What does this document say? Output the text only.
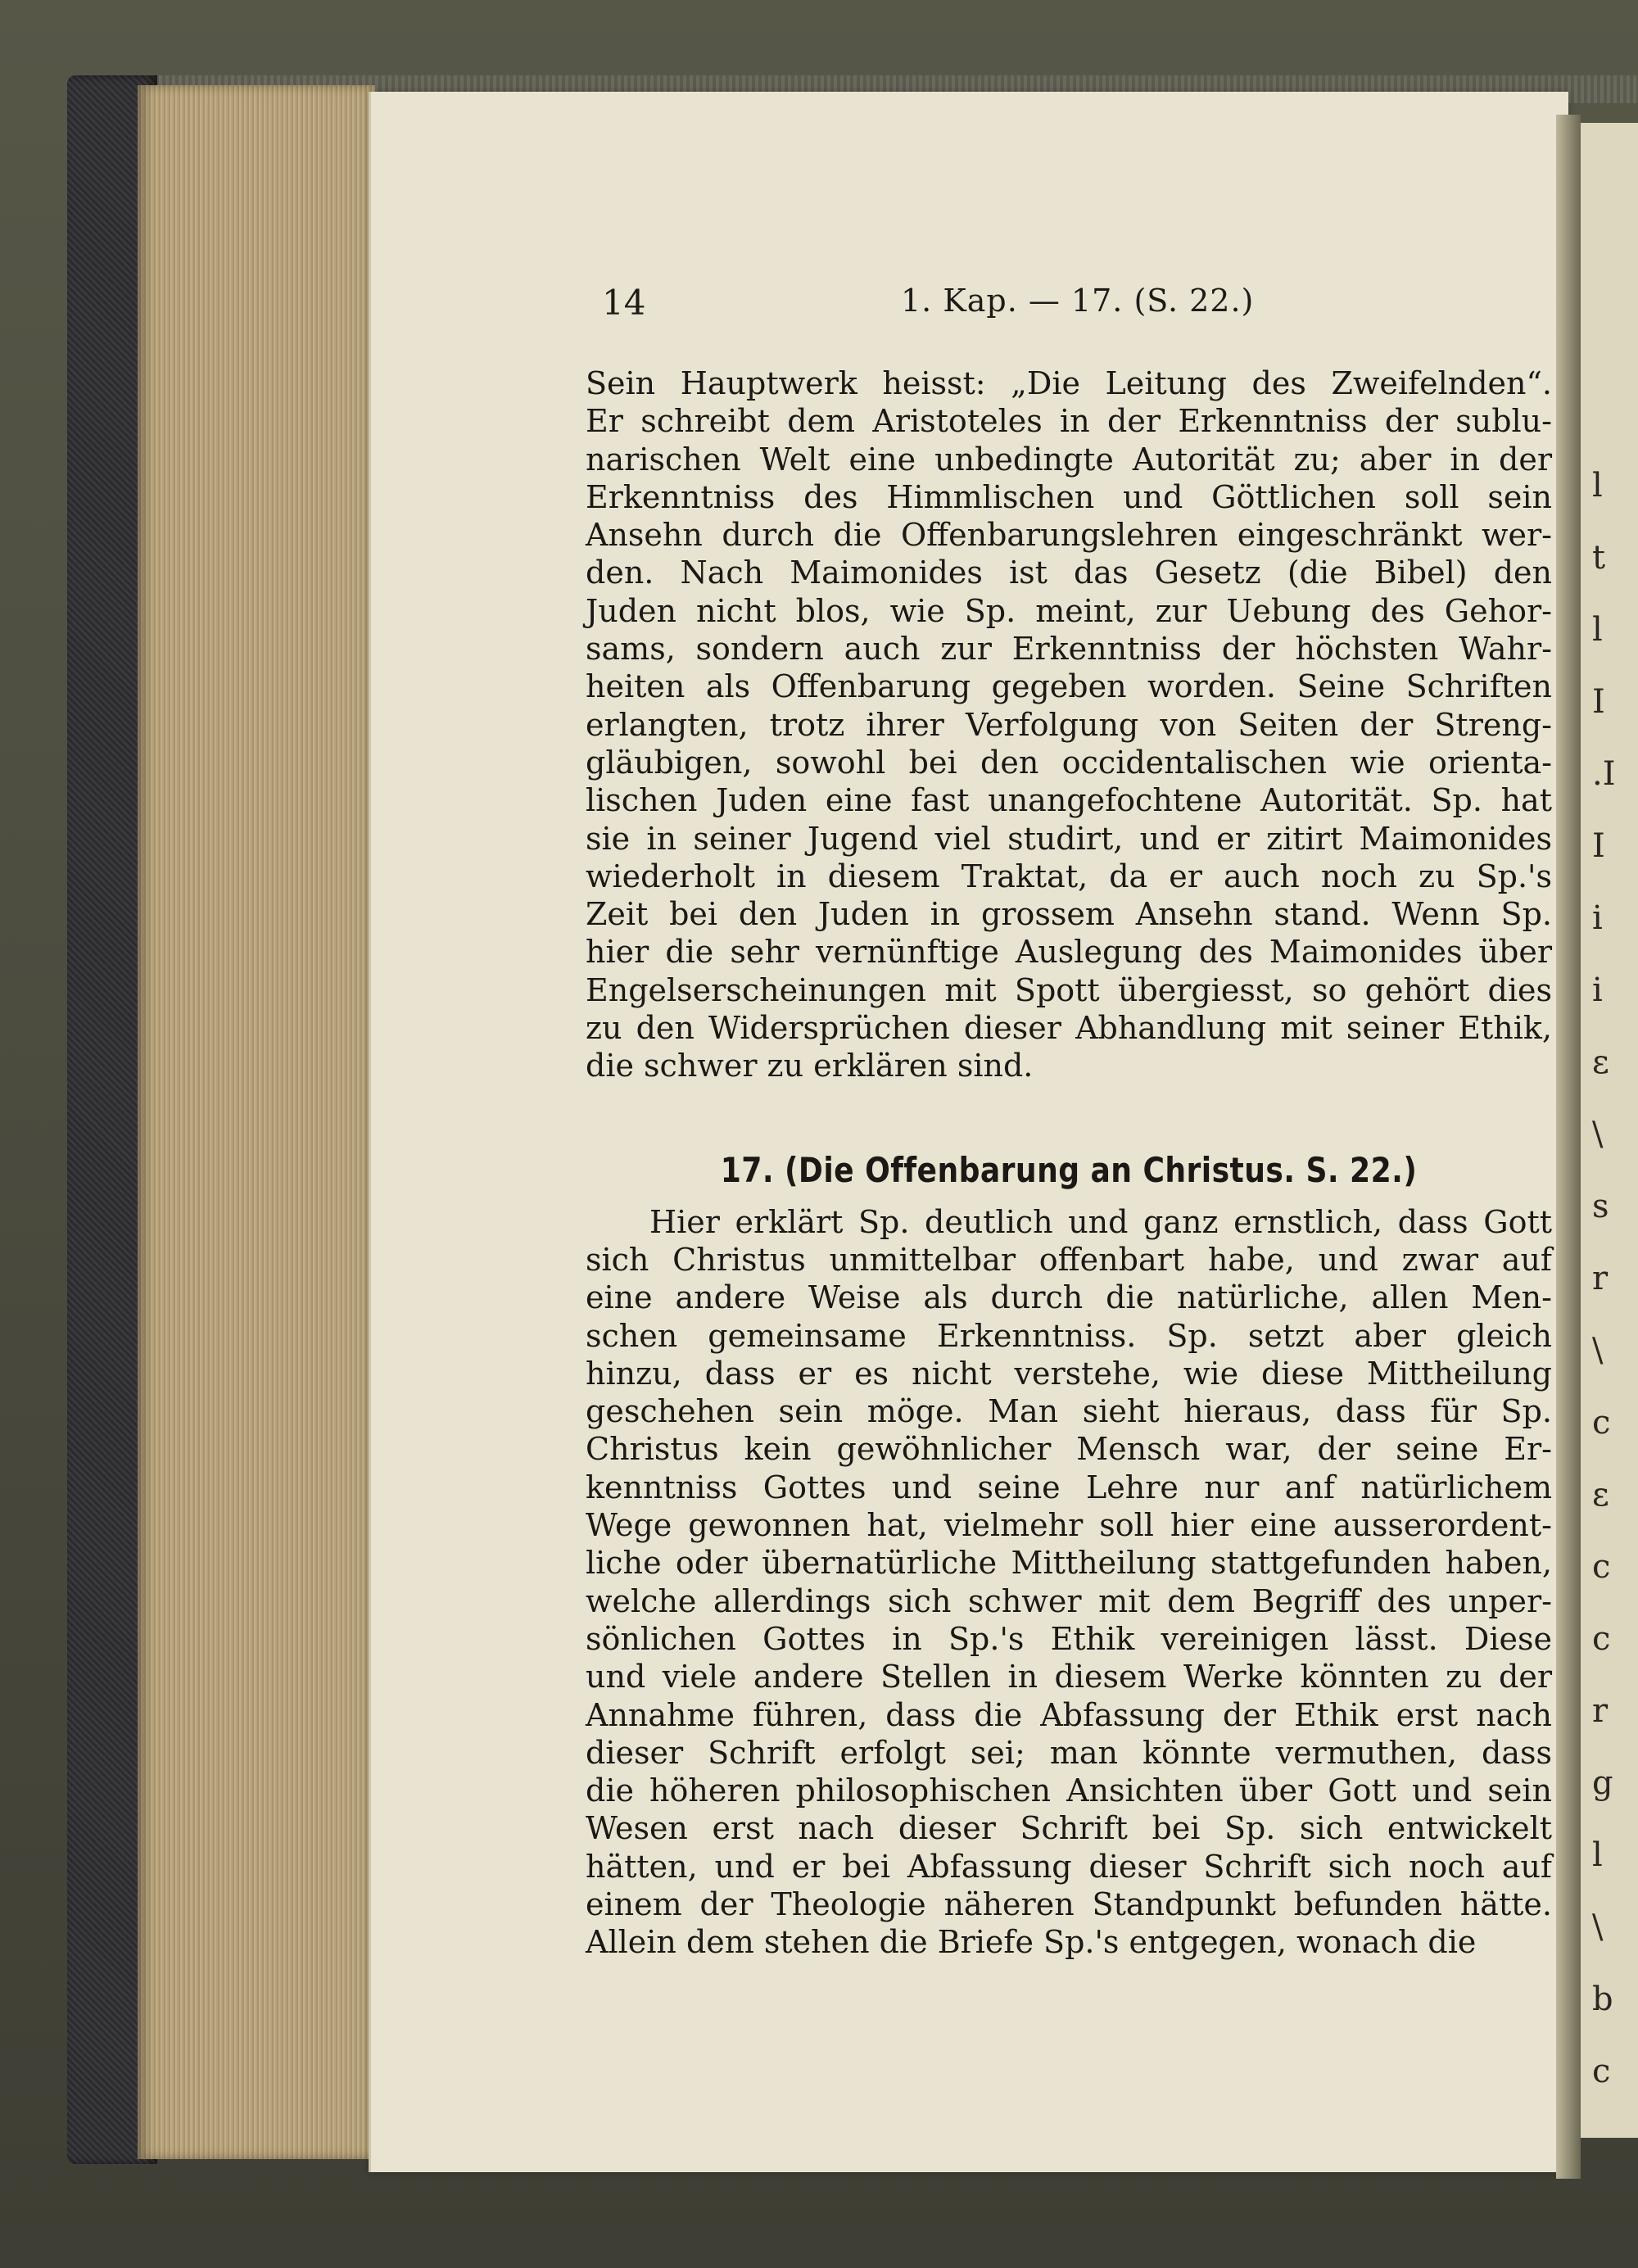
14	1. Kap. — 17. (S. 22.)
Sein Hauptwerk heisst: „Die Leitung des Zweifelnden“.
Er schreibt dem Aristoteles in der Erkenntniss der sublu-
narischen Welt eine unbedingte Autorität zu; aber in der
Erkenntniss des Himmlischen und Göttlichen soll sein
Ansehn durch die Offenbarungslehren eingeschränkt wer-
den. Nach Maimonides ist das Gesetz (die Bibel) den
Juden nicht blos, wie Sp. meint, zur Uebung des Gehor-
sams, sondern auch zur Erkenntniss der höchsten Wahr-
heiten als Offenbarung gegeben worden. Seine Schriften
erlangten, trotz ihrer Verfolgung von Seiten der Streng-
gläubigen, sowohl bei den occidentalischen wie orienta-
lischen Juden eine fast unangefochtene Autorität. Sp. hat
sie in seiner Jugend viel studirt, und er zitirt Maimonides
wiederholt in diesem Traktat, da er auch noch zu Sp.'s
Zeit bei den Juden in grossem Ansehn stand. Wenn Sp.
hier die sehr vernünftige Auslegung des Maimonides über
Engelserscheinungen mit Spott übergiesst, so gehört dies
zu den Widersprüchen dieser Abhandlung mit seiner Ethik,
die schwer zu erklären sind.
17. (Die Offenbarung an Christus. S. 22.)
Hier erklärt Sp. deutlich und ganz ernstlich, dass Gott
sich Christus unmittelbar offenbart habe, und zwar auf
eine andere Weise als durch die natürliche, allen Men-
schen gemeinsame Erkenntniss. Sp. setzt aber gleich
hinzu, dass er es nicht verstehe, wie diese Mittheilung
geschehen sein möge. Man sieht hieraus, dass für Sp.
Christus kein gewöhnlicher Mensch war, der seine Er-
kenntniss Gottes und seine Lehre nur anf natürlichem
Wege gewonnen hat, vielmehr soll hier eine ausserordent-
liche oder übernatürliche Mittheilung stattgefunden haben,
welche allerdings sich schwer mit dem Begriff des unper-
sönlichen Gottes in Sp.'s Ethik vereinigen lässt. Diese
und viele andere Stellen in diesem Werke könnten zu der
Annahme führen, dass die Abfassung der Ethik erst nach
dieser Schrift erfolgt sei; man könnte vermuthen, dass
die höheren philosophischen Ansichten über Gott und sein
Wesen erst nach dieser Schrift bei Sp. sich entwickelt
hätten, und er bei Abfassung dieser Schrift sich noch auf
einem der Theologie näheren Standpunkt befunden hätte.
Allein dem stehen die Briefe Sp.'s entgegen, wonach die
l
t
l
I
.I
I
i
i
ε
\
s
r
\
c
ε
c
c
r
g
l
\
b
c
